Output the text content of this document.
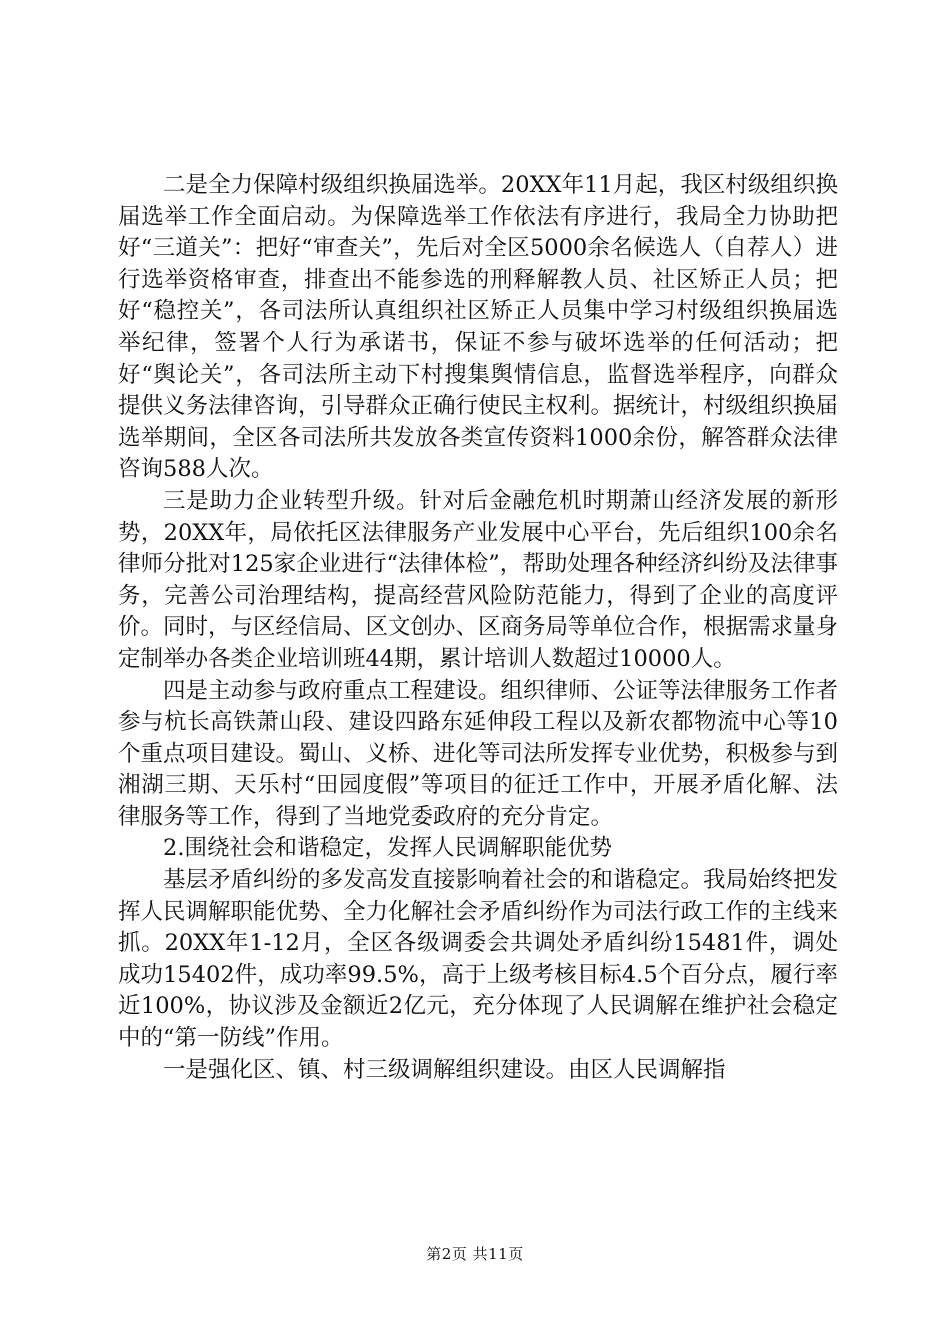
二是全力保障村级组织换届选举。20XX年11月起，我区村级组织换届选举工作全面启动。为保障选举工作依法有序进行，我局全力协助把好“三道关”：把好“审查关”，先后对全区5000余名候选人（自荐人）进行选举资格审查，排查出不能参选的刑释解教人员、社区矫正人员；把好“稳控关”，各司法所认真组织社区矫正人员集中学习村级组织换届选举纪律，签署个人行为承诺书，保证不参与破坏选举的任何活动；把好“舆论关”，各司法所主动下村搜集舆情信息，监督选举程序，向群众提供义务法律咨询，引导群众正确行使民主权利。据统计，村级组织换届选举期间，全区各司法所共发放各类宣传资料1000余份，解答群众法律咨询588人次。

三是助力企业转型升级。针对后金融危机时期萧山经济发展的新形势，20XX年，局依托区法律服务产业发展中心平台，先后组织100余名律师分批对125家企业进行“法律体检”，帮助处理各种经济纠纷及法律事务，完善公司治理结构，提高经营风险防范能力，得到了企业的高度评价。同时，与区经信局、区文创办、区商务局等单位合作，根据需求量身定制举办各类企业培训班44期，累计培训人数超过10000人。

四是主动参与政府重点工程建设。组织律师、公证等法律服务工作者参与杭长高铁萧山段、建设四路东延伸段工程以及新农都物流中心等10个重点项目建设。蜀山、义桥、进化等司法所发挥专业优势，积极参与到湘湖三期、天乐村“田园度假”等项目的征迁工作中，开展矛盾化解、法律服务等工作，得到了当地党委政府的充分肯定。

2.围绕社会和谐稳定，发挥人民调解职能优势

基层矛盾纠纷的多发高发直接影响着社会的和谐稳定。我局始终把发挥人民调解职能优势、全力化解社会矛盾纠纷作为司法行政工作的主线来抓。20XX年1-12月，全区各级调委会共调处矛盾纠纷15481件，调处成功15402件，成功率99.5%，高于上级考核目标4.5个百分点，履行率近100%，协议涉及金额近2亿元，充分体现了人民调解在维护社会稳定中的“第一防线”作用。

一是强化区、镇、村三级调解组织建设。由区人民调解指

第2页 共11页
